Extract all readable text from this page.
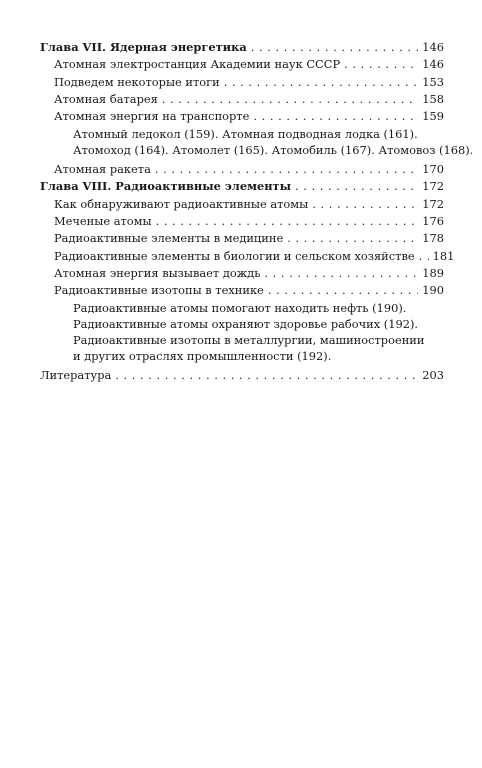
Глава VII. Ядерная энергетика . . .	146
Атомная электростанция Академии наук СССР . . .	146
Подведем некоторые итоги . . .	153
Атомная батарея . . .	158
Атомная энергия на транспорте . . .	159
Атомный ледокол (159). Атомная подводная лодка (161).
Атомоход (164). Атомолет (165). Атомобиль (167). Атомовоз (168).
Атомная ракета . . .	170
Глава VIII. Радиоактивные элементы . . .	172
Как обнаруживают радиоактивные атомы . . .	172
Меченые атомы . . .	176
Радиоактивные элементы в медицине . . .	178
Радиоактивные элементы в биологии и сельском хозяйстве . . . 181
Атомная энергия вызывает дождь . . .	189
Радиоактивные изотопы в технике . . .	190
Радиоактивные атомы помогают находить нефть (190).
Радиоактивные атомы охраняют здоровье рабочих (192).
Радиоактивные изотопы в металлургии, машиностроении
и других отраслях промышленности (192).
Литература . . .	203
